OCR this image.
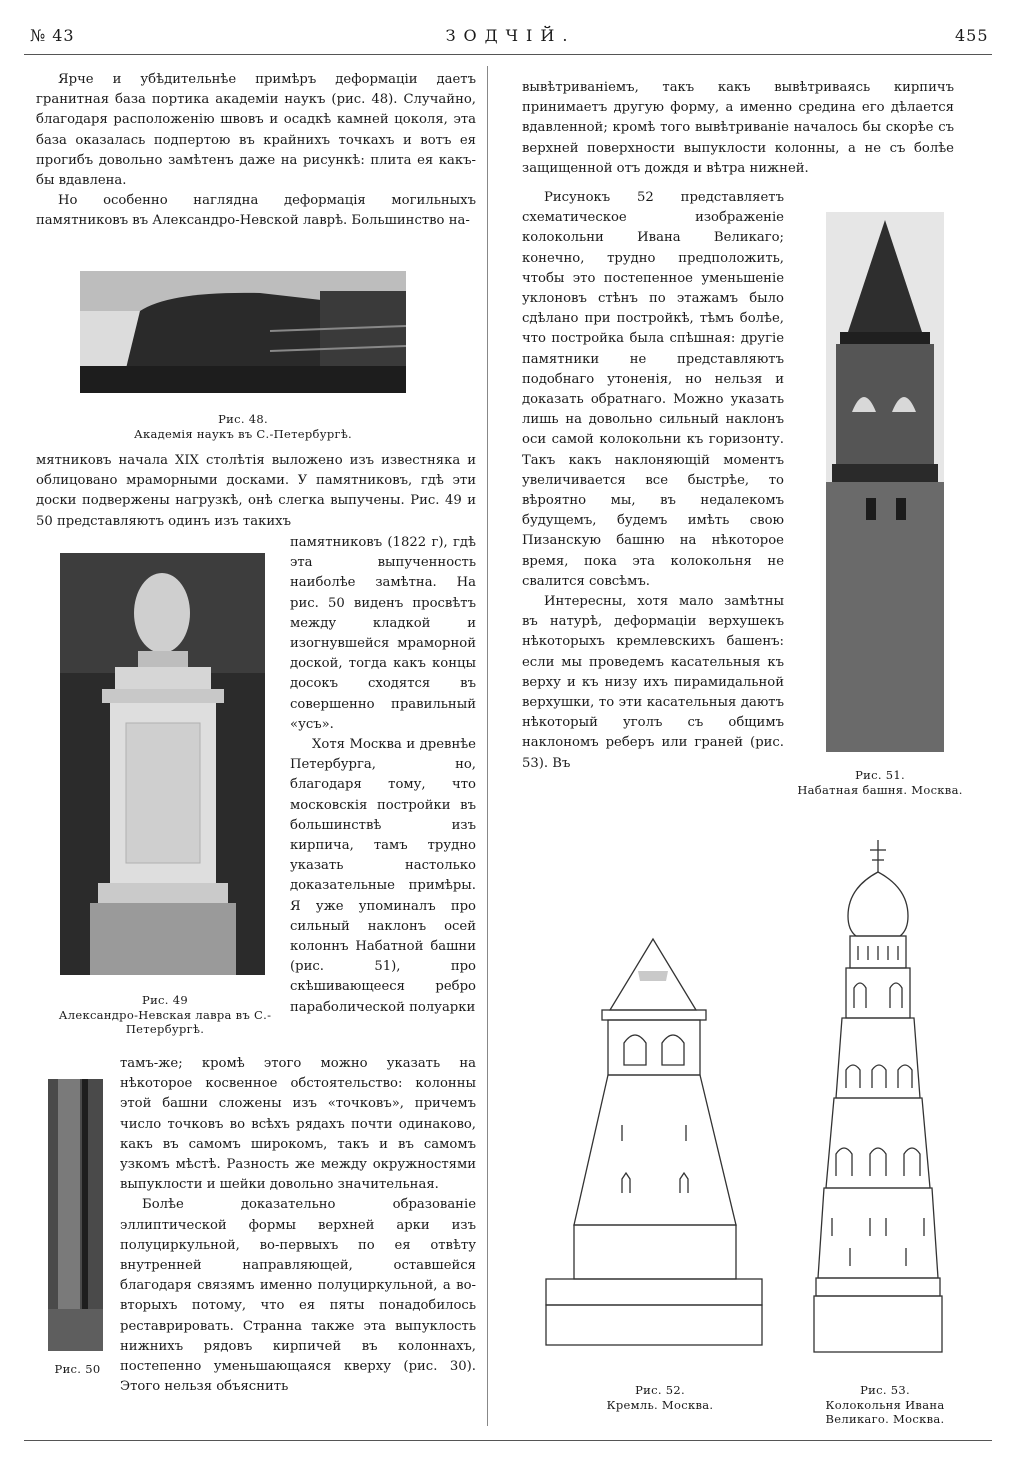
№ 43	ЗОДЧІЙ.	455

Ярче и убѣдительнѣе примѣръ деформаціи даетъ гранитная база портика академіи наукъ (рис. 48). Случайно, благодаря расположенію швовъ и осадкѣ камней цоколя, эта база оказалась подпертою въ крайнихъ точкахъ и вотъ ея прогибъ довольно замѣтенъ даже на рисункѣ: плита ея какъ-бы вдавлена.

Но особенно наглядна деформація могильныхъ памятниковъ въ Александро-Невской лаврѣ. Большинство на-

Рис. 48.
Академія наукъ въ С.-Петербургѣ.

мятниковъ начала XIX столѣтія выложено изъ известняка и облицовано мраморными досками. У памятниковъ, гдѣ эти доски подвержены нагрузкѣ, онѣ слегка выпучены. Рис. 49 и 50 представляютъ одинъ изъ такихъ

Рис. 49
Александро-Невская лавра въ С.-Петербургѣ.

памятниковъ (1822 г), гдѣ эта выпученность наиболѣе замѣтна. На рис. 50 виденъ просвѣтъ между кладкой и изогнувшейся мраморной доской, тогда какъ концы досокъ сходятся въ совершенно правильный «усъ».

Хотя Москва и древнѣе Петербурга, но, благодаря тому, что московскія постройки въ большинствѣ изъ кирпича, тамъ трудно указать настолько доказательные примѣры. Я уже упоминалъ про сильный наклонъ осей колоннъ Набатной башни (рис. 51), про скѣшивающееся ребро параболической полуарки

Рис. 50

тамъ-же; кромѣ этого можно указать на нѣкоторое косвенное обстоятельство: колонны этой башни сложены изъ «точковъ», причемъ число точковъ во всѣхъ рядахъ почти одинаково, какъ въ самомъ широкомъ, такъ и въ самомъ узкомъ мѣстѣ. Разность же между окружностями выпуклости и шейки довольно значительная.

Болѣе доказательно образованіе эллиптической формы верхней арки изъ полуциркульной, во-первыхъ по ея отвѣту внутренней направляющей, оставшейся благодаря связямъ именно полуциркульной, а во-вторыхъ потому, что ея пяты понадобилось реставрировать. Странна также эта выпуклость нижнихъ рядовъ кирпичей въ колоннахъ, постепенно уменьшающаяся кверху (рис. 30). Этого нельзя объяснить

вывѣтриваніемъ, такъ какъ вывѣтриваясь кирпичъ принимаетъ другую форму, а именно средина его дѣлается вдавленной; кромѣ того вывѣтриваніе началось бы скорѣе съ верхней поверхности выпуклости колонны, а не съ болѣе защищенной отъ дождя и вѣтра нижней.

Рисунокъ 52 представляетъ схематическое изображеніе колокольни Ивана Великаго; конечно, трудно предположить, чтобы это постепенное уменьшеніе уклоновъ стѣнъ по этажамъ было сдѣлано при постройкѣ, тѣмъ болѣе, что постройка была спѣшная: другіе памятники не представляютъ подобнаго утоненія, но нельзя и доказать обратнаго. Можно указать лишь на довольно сильный наклонъ оси самой колокольни къ горизонту. Такъ какъ наклоняющій моментъ увеличивается все быстрѣе, то вѣроятно мы, въ недалекомъ будущемъ, будемъ имѣть свою Пизанскую башню на нѣкоторое время, пока эта колокольня не свалится совсѣмъ.

Интересны, хотя мало замѣтны въ натурѣ, деформаціи верхушекъ нѣкоторыхъ кремлевскихъ башенъ: если мы проведемъ касательныя къ верху и къ низу ихъ пирамидальной верхушки, то эти касательныя даютъ нѣкоторый уголъ съ общимъ наклономъ реберъ или граней (рис. 53). Въ

Рис. 51.
Набатная башня. Москва.
Рис. 52.
Кремль. Москва.
Рис. 53.
Колокольня Ивана Великаго. Москва.
